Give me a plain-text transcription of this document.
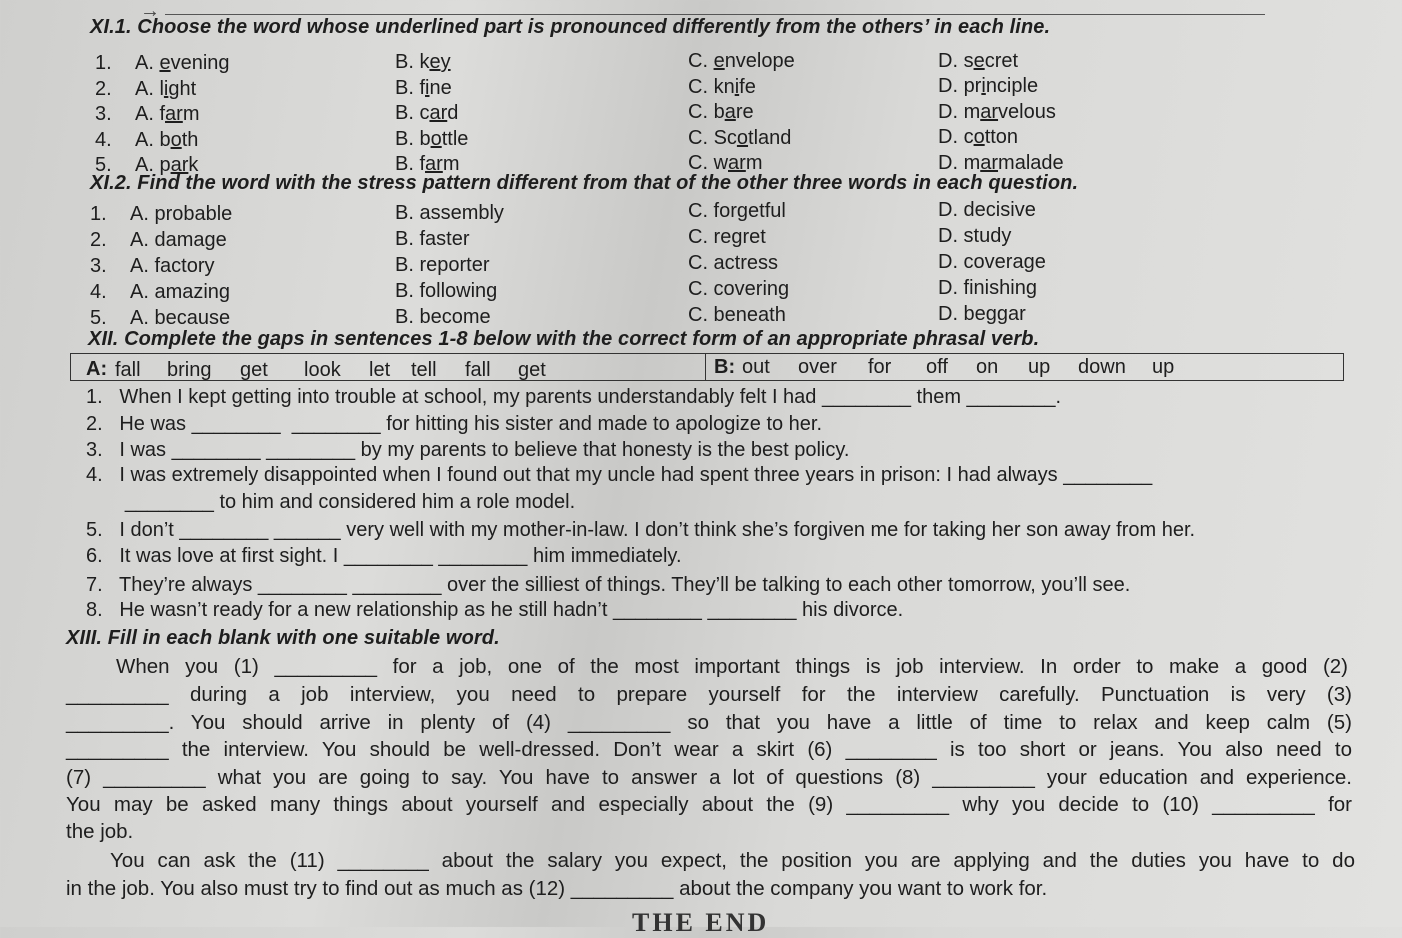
→
XI.1. Choose the word whose underlined part is pronounced differently from the others’ in each line.
1. A. evening	B. key	C. envelope	D. secret
2. A. light	B. fine	C. knife	D. principle
3. A. farm	B. card	C. bare	D. marvelous
4. A. both	B. bottle	C. Scotland	D. cotton
5. A. park	B. farm	C. warm	D. marmalade
XI.2. Find the word with the stress pattern different from that of the other three words in each question.
1. A. probable	B. assembly	C. forgetful	D. decisive
2. A. damage	B. faster	C. regret	D. study
3. A. factory	B. reporter	C. actress	D. coverage
4. A. amazing	B. following	C. covering	D. finishing
5. A. because	B. become	C. beneath	D. beggar
XII. Complete the gaps in sentences 1-8 below with the correct form of an appropriate phrasal verb.
A: fall bring get look let tell fall get	B: out over for off on up down up
1.   When I kept getting into trouble at school, my parents understandably felt I had ________ them ________.
2.   He was ________  ________ for hitting his sister and made to apologize to her.
3.   I was ________ ________ by my parents to believe that honesty is the best policy.
4.   I was extremely disappointed when I found out that my uncle had spent three years in prison: I had always ________
________ to him and considered him a role model.
5.   I don’t ________ ______ very well with my mother-in-law. I don’t think she’s forgiven me for taking her son away from her.
6.   It was love at first sight. I ________ ________ him immediately.
7.   They’re always ________ ________ over the silliest of things. They’ll be talking to each other tomorrow, you’ll see.
8.   He wasn’t ready for a new relationship as he still hadn’t ________ ________ his divorce.
XIII. Fill in each blank with one suitable word.
THE END
When you (1) _________ for a job, one of the most important things is job interview. In order to make a good (2)
_________ during a job interview, you need to prepare yourself for the interview carefully. Punctuation is very (3)
_________. You should arrive in plenty of (4) _________ so that you have a little of time to relax and keep calm (5)
_________ the interview. You should be well-dressed. Don’t wear a skirt (6) ________ is too short or jeans. You also need to
(7) _________ what you are going to say. You have to answer a lot of questions (8) _________ your education and experience.
You may be asked many things about yourself and especially about the (9) _________ why you decide to (10) _________ for
the job.
You can ask the (11) ________ about the salary you expect, the position you are applying and the duties you have to do
in the job. You also must try to find out as much as (12) _________ about the company you want to work for.
